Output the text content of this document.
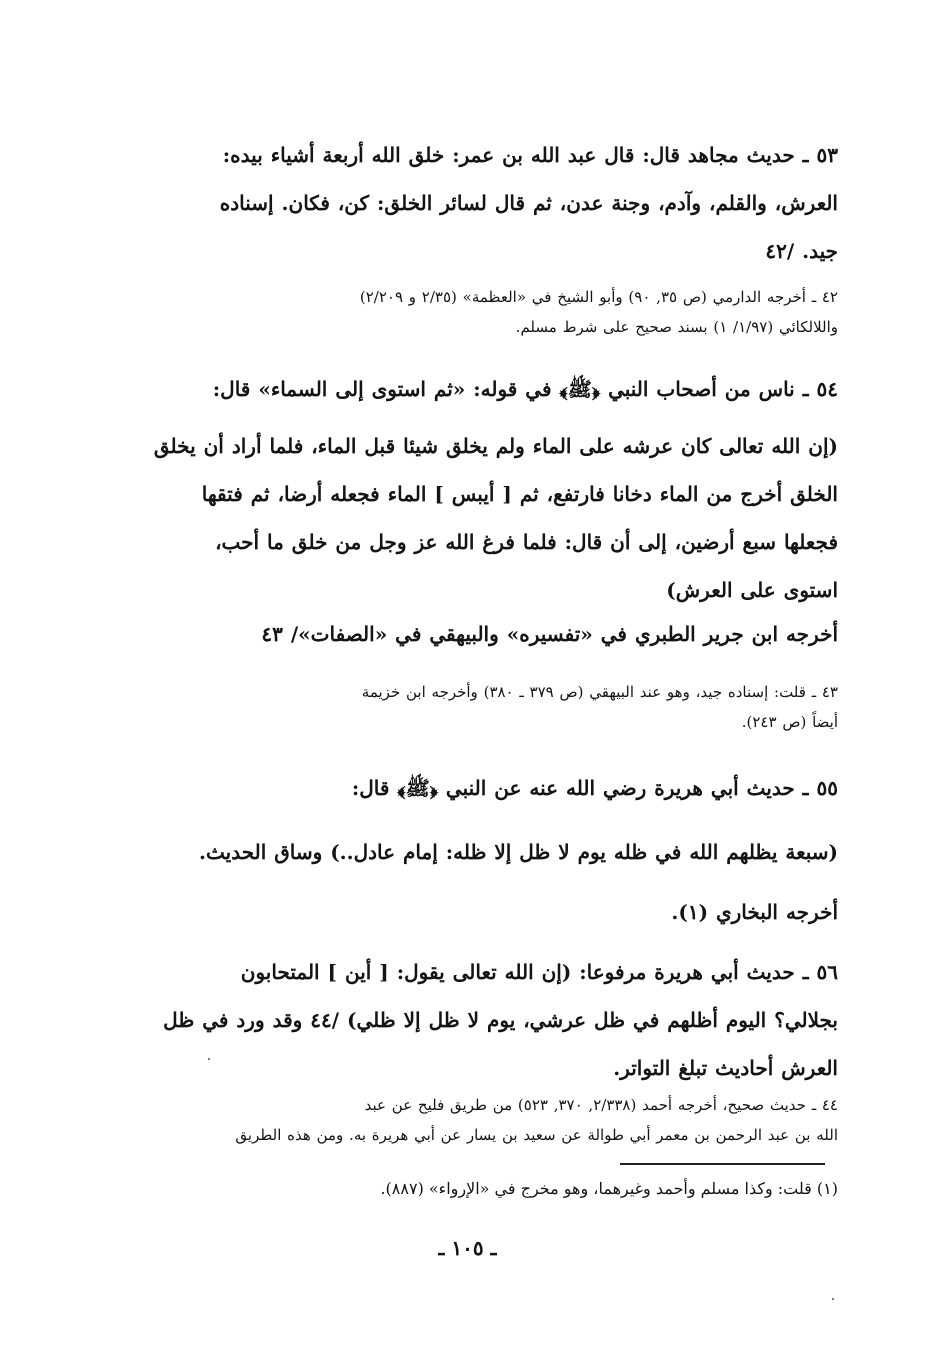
٥٣ ـ حديث مجاهد قال: قال عبد الله بن عمر: خلق الله أربعة أشياء بيده:
العرش، والقلم، وآدم، وجنة عدن، ثم قال لسائر الخلق: كن، فكان. إسناده
جيد. /٤٢
٤٢ ـ أخرجه الدارمي (ص ٣٥, ٩٠) وأبو الشيخ في «العظمة» (٢/٣٥ و ٢/٢٠٩)
واللالكائي (١/٩٧/ ١) بسند صحيح على شرط مسلم.
٥٤ ـ ناس من أصحاب النبي ﴿ﷺ﴾ في قوله: «ثم استوى إلى السماء» قال:
(إن الله تعالى كان عرشه على الماء ولم يخلق شيئا قبل الماء، فلما أراد أن يخلق
الخلق أخرج من الماء دخانا فارتفع، ثم [ أيبس ] الماء فجعله أرضا، ثم فتقها
فجعلها سبع أرضين، إلى أن قال: فلما فرغ الله عز وجل من خلق ما أحب،
استوى على العرش)
أخرجه ابن جرير الطبري في «تفسيره» والبيهقي في «الصفات»/ ٤٣
٤٣ ـ قلت: إسناده جيد، وهو عند البيهقي (ص ٣٧٩ ـ ٣٨٠) وأخرجه ابن خزيمة
أيضاً (ص ٢٤٣).
٥٥ ـ حديث أبي هريرة رضي الله عنه عن النبي ﴿ﷺ﴾ قال:
(سبعة يظلهم الله في ظله يوم لا ظل إلا ظله: إمام عادل..) وساق الحديث.
أخرجه البخاري (١).
٥٦ ـ حديث أبي هريرة مرفوعا: (إن الله تعالى يقول: [ أين ] المتحابون
بجلالي؟ اليوم أظلهم في ظل عرشي، يوم لا ظل إلا ظلي) /٤٤ وقد ورد في ظل
العرش أحاديث تبلغ التواتر.
٤٤ ـ حديث صحيح، أخرجه أحمد (٢/٣٣٨, ٣٧٠, ٥٢٣) من طريق فليح عن عبد
الله بن عبد الرحمن بن معمر أبي طوالة عن سعيد بن يسار عن أبي هريرة به. ومن هذه الطريق

(١) قلت: وكذا مسلم وأحمد وغيرهما، وهو مخرج في «الإرواء» (٨٨٧).

ـ ١٠٥ ـ
